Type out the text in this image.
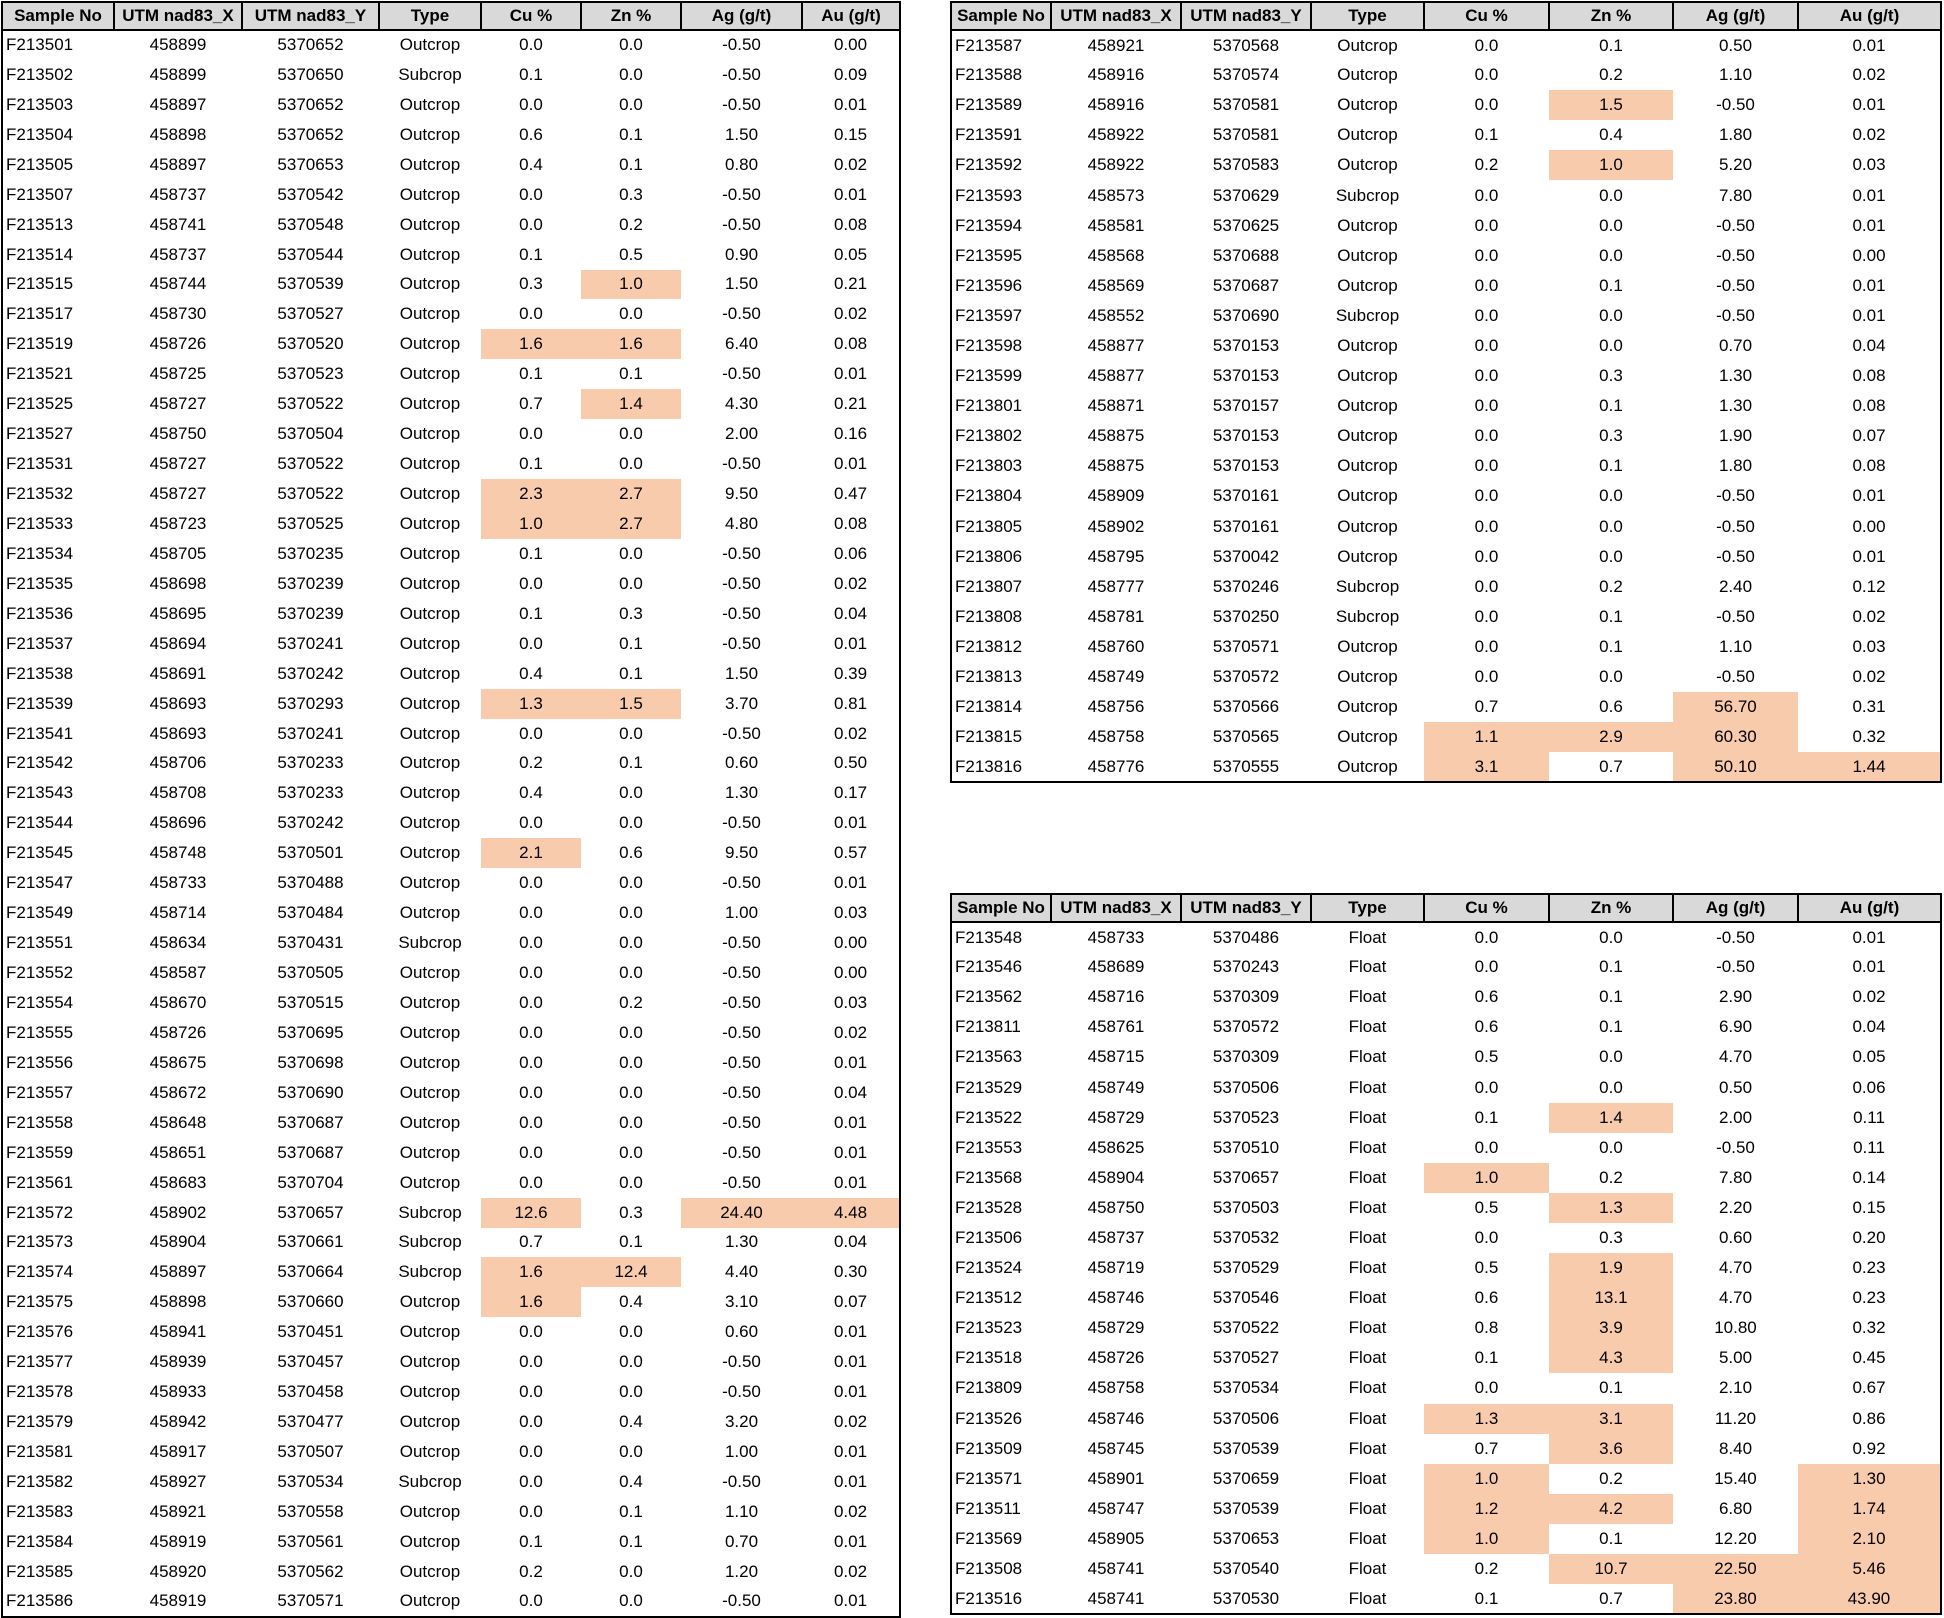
Sample No	UTM nad83_X	UTM nad83_Y	Type	Cu %	Zn %	Ag (g/t)	Au (g/t)
F213501	458899	5370652	Outcrop	0.0	0.0	-0.50	0.00
F213502	458899	5370650	Subcrop	0.1	0.0	-0.50	0.09
F213503	458897	5370652	Outcrop	0.0	0.0	-0.50	0.01
F213504	458898	5370652	Outcrop	0.6	0.1	1.50	0.15
F213505	458897	5370653	Outcrop	0.4	0.1	0.80	0.02
F213507	458737	5370542	Outcrop	0.0	0.3	-0.50	0.01
F213513	458741	5370548	Outcrop	0.0	0.2	-0.50	0.08
F213514	458737	5370544	Outcrop	0.1	0.5	0.90	0.05
F213515	458744	5370539	Outcrop	0.3	1.0	1.50	0.21
F213517	458730	5370527	Outcrop	0.0	0.0	-0.50	0.02
F213519	458726	5370520	Outcrop	1.6	1.6	6.40	0.08
F213521	458725	5370523	Outcrop	0.1	0.1	-0.50	0.01
F213525	458727	5370522	Outcrop	0.7	1.4	4.30	0.21
F213527	458750	5370504	Outcrop	0.0	0.0	2.00	0.16
F213531	458727	5370522	Outcrop	0.1	0.0	-0.50	0.01
F213532	458727	5370522	Outcrop	2.3	2.7	9.50	0.47
F213533	458723	5370525	Outcrop	1.0	2.7	4.80	0.08
F213534	458705	5370235	Outcrop	0.1	0.0	-0.50	0.06
F213535	458698	5370239	Outcrop	0.0	0.0	-0.50	0.02
F213536	458695	5370239	Outcrop	0.1	0.3	-0.50	0.04
F213537	458694	5370241	Outcrop	0.0	0.1	-0.50	0.01
F213538	458691	5370242	Outcrop	0.4	0.1	1.50	0.39
F213539	458693	5370293	Outcrop	1.3	1.5	3.70	0.81
F213541	458693	5370241	Outcrop	0.0	0.0	-0.50	0.02
F213542	458706	5370233	Outcrop	0.2	0.1	0.60	0.50
F213543	458708	5370233	Outcrop	0.4	0.0	1.30	0.17
F213544	458696	5370242	Outcrop	0.0	0.0	-0.50	0.01
F213545	458748	5370501	Outcrop	2.1	0.6	9.50	0.57
F213547	458733	5370488	Outcrop	0.0	0.0	-0.50	0.01
F213549	458714	5370484	Outcrop	0.0	0.0	1.00	0.03
F213551	458634	5370431	Subcrop	0.0	0.0	-0.50	0.00
F213552	458587	5370505	Outcrop	0.0	0.0	-0.50	0.00
F213554	458670	5370515	Outcrop	0.0	0.2	-0.50	0.03
F213555	458726	5370695	Outcrop	0.0	0.0	-0.50	0.02
F213556	458675	5370698	Outcrop	0.0	0.0	-0.50	0.01
F213557	458672	5370690	Outcrop	0.0	0.0	-0.50	0.04
F213558	458648	5370687	Outcrop	0.0	0.0	-0.50	0.01
F213559	458651	5370687	Outcrop	0.0	0.0	-0.50	0.01
F213561	458683	5370704	Outcrop	0.0	0.0	-0.50	0.01
F213572	458902	5370657	Subcrop	12.6	0.3	24.40	4.48
F213573	458904	5370661	Subcrop	0.7	0.1	1.30	0.04
F213574	458897	5370664	Subcrop	1.6	12.4	4.40	0.30
F213575	458898	5370660	Outcrop	1.6	0.4	3.10	0.07
F213576	458941	5370451	Outcrop	0.0	0.0	0.60	0.01
F213577	458939	5370457	Outcrop	0.0	0.0	-0.50	0.01
F213578	458933	5370458	Outcrop	0.0	0.0	-0.50	0.01
F213579	458942	5370477	Outcrop	0.0	0.4	3.20	0.02
F213581	458917	5370507	Outcrop	0.0	0.0	1.00	0.01
F213582	458927	5370534	Subcrop	0.0	0.4	-0.50	0.01
F213583	458921	5370558	Outcrop	0.0	0.1	1.10	0.02
F213584	458919	5370561	Outcrop	0.1	0.1	0.70	0.01
F213585	458920	5370562	Outcrop	0.2	0.0	1.20	0.02
F213586	458919	5370571	Outcrop	0.0	0.0	-0.50	0.01
Sample No	UTM nad83_X	UTM nad83_Y	Type	Cu %	Zn %	Ag (g/t)	Au (g/t)
F213587	458921	5370568	Outcrop	0.0	0.1	0.50	0.01
F213588	458916	5370574	Outcrop	0.0	0.2	1.10	0.02
F213589	458916	5370581	Outcrop	0.0	1.5	-0.50	0.01
F213591	458922	5370581	Outcrop	0.1	0.4	1.80	0.02
F213592	458922	5370583	Outcrop	0.2	1.0	5.20	0.03
F213593	458573	5370629	Subcrop	0.0	0.0	7.80	0.01
F213594	458581	5370625	Outcrop	0.0	0.0	-0.50	0.01
F213595	458568	5370688	Outcrop	0.0	0.0	-0.50	0.00
F213596	458569	5370687	Outcrop	0.0	0.1	-0.50	0.01
F213597	458552	5370690	Subcrop	0.0	0.0	-0.50	0.01
F213598	458877	5370153	Outcrop	0.0	0.0	0.70	0.04
F213599	458877	5370153	Outcrop	0.0	0.3	1.30	0.08
F213801	458871	5370157	Outcrop	0.0	0.1	1.30	0.08
F213802	458875	5370153	Outcrop	0.0	0.3	1.90	0.07
F213803	458875	5370153	Outcrop	0.0	0.1	1.80	0.08
F213804	458909	5370161	Outcrop	0.0	0.0	-0.50	0.01
F213805	458902	5370161	Outcrop	0.0	0.0	-0.50	0.00
F213806	458795	5370042	Outcrop	0.0	0.0	-0.50	0.01
F213807	458777	5370246	Subcrop	0.0	0.2	2.40	0.12
F213808	458781	5370250	Subcrop	0.0	0.1	-0.50	0.02
F213812	458760	5370571	Outcrop	0.0	0.1	1.10	0.03
F213813	458749	5370572	Outcrop	0.0	0.0	-0.50	0.02
F213814	458756	5370566	Outcrop	0.7	0.6	56.70	0.31
F213815	458758	5370565	Outcrop	1.1	2.9	60.30	0.32
F213816	458776	5370555	Outcrop	3.1	0.7	50.10	1.44
Sample No	UTM nad83_X	UTM nad83_Y	Type	Cu %	Zn %	Ag (g/t)	Au (g/t)
F213548	458733	5370486	Float	0.0	0.0	-0.50	0.01
F213546	458689	5370243	Float	0.0	0.1	-0.50	0.01
F213562	458716	5370309	Float	0.6	0.1	2.90	0.02
F213811	458761	5370572	Float	0.6	0.1	6.90	0.04
F213563	458715	5370309	Float	0.5	0.0	4.70	0.05
F213529	458749	5370506	Float	0.0	0.0	0.50	0.06
F213522	458729	5370523	Float	0.1	1.4	2.00	0.11
F213553	458625	5370510	Float	0.0	0.0	-0.50	0.11
F213568	458904	5370657	Float	1.0	0.2	7.80	0.14
F213528	458750	5370503	Float	0.5	1.3	2.20	0.15
F213506	458737	5370532	Float	0.0	0.3	0.60	0.20
F213524	458719	5370529	Float	0.5	1.9	4.70	0.23
F213512	458746	5370546	Float	0.6	13.1	4.70	0.23
F213523	458729	5370522	Float	0.8	3.9	10.80	0.32
F213518	458726	5370527	Float	0.1	4.3	5.00	0.45
F213809	458758	5370534	Float	0.0	0.1	2.10	0.67
F213526	458746	5370506	Float	1.3	3.1	11.20	0.86
F213509	458745	5370539	Float	0.7	3.6	8.40	0.92
F213571	458901	5370659	Float	1.0	0.2	15.40	1.30
F213511	458747	5370539	Float	1.2	4.2	6.80	1.74
F213569	458905	5370653	Float	1.0	0.1	12.20	2.10
F213508	458741	5370540	Float	0.2	10.7	22.50	5.46
F213516	458741	5370530	Float	0.1	0.7	23.80	43.90
